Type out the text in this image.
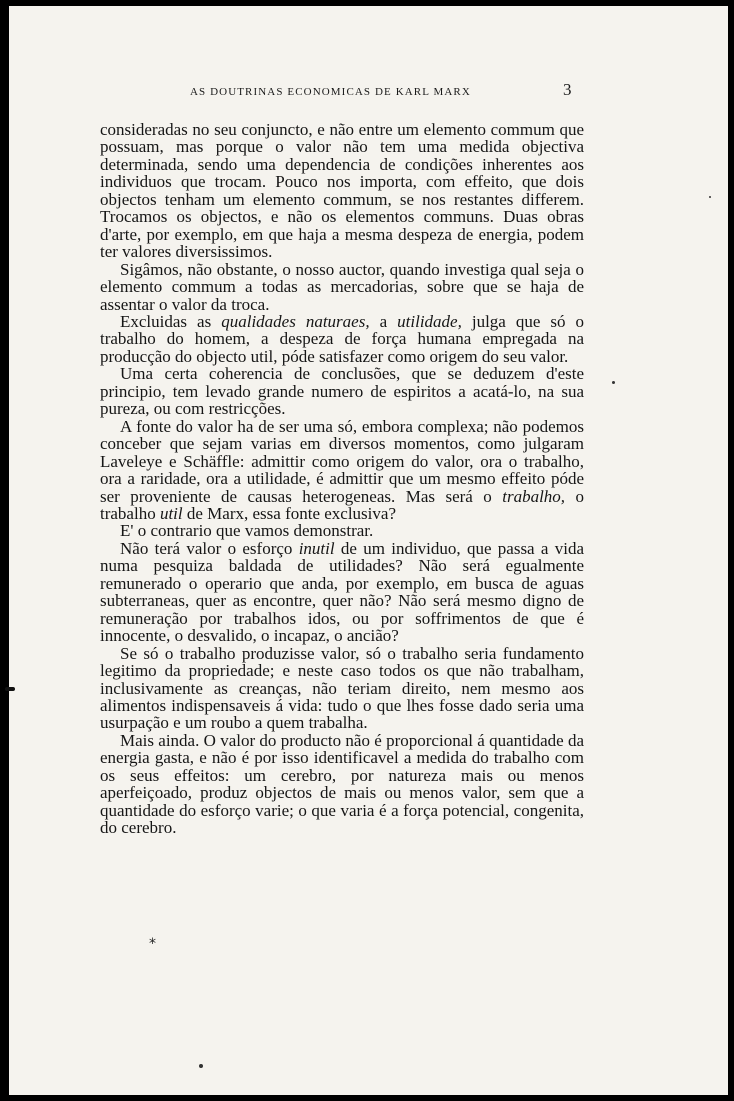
AS DOUTRINAS ECONOMICAS DE KARL MARX	3

consideradas no seu conjuncto, e não entre um elemento commum que possuam, mas porque o valor não tem uma medida objectiva determinada, sendo uma dependencia de condições inherentes aos individuos que trocam. Pouco nos importa, com effeito, que dois objectos tenham um elemento commum, se nos restantes differem. Trocamos os objectos, e não os elementos communs. Duas obras d'arte, por exemplo, em que haja a mesma despeza de energia, podem ter valores diversissimos.

Sigâmos, não obstante, o nosso auctor, quando investiga qual seja o elemento commum a todas as mercadorias, sobre que se haja de assentar o valor da troca.

Excluidas as qualidades naturaes, a utilidade, julga que só o trabalho do homem, a despeza de força humana empregada na producção do objecto util, póde satisfazer como origem do seu valor.

Uma certa coherencia de conclusões, que se deduzem d'este principio, tem levado grande numero de espiritos a acatá-lo, na sua pureza, ou com restricções.

A fonte do valor ha de ser uma só, embora complexa; não podemos conceber que sejam varias em diversos momentos, como julgaram Laveleye e Schäffle: admittir como origem do valor, ora o trabalho, ora a raridade, ora a utilidade, é admittir que um mesmo effeito póde ser proveniente de causas heterogeneas. Mas será o trabalho, o trabalho util de Marx, essa fonte exclusiva?

E' o contrario que vamos demonstrar.

Não terá valor o esforço inutil de um individuo, que passa a vida numa pesquiza baldada de utilidades? Não será egualmente remunerado o operario que anda, por exemplo, em busca de aguas subterraneas, quer as encontre, quer não? Não será mesmo digno de remuneração por trabalhos idos, ou por soffrimentos de que é innocente, o desvalido, o incapaz, o ancião?

Se só o trabalho produzisse valor, só o trabalho seria fundamento legitimo da propriedade; e neste caso todos os que não trabalham, inclusivamente as creanças, não teriam direito, nem mesmo aos alimentos indispensaveis á vida: tudo o que lhes fosse dado seria uma usurpação e um roubo a quem trabalha.

Mais ainda. O valor do producto não é proporcional á quantidade da energia gasta, e não é por isso identificavel a medida do trabalho com os seus effeitos: um cerebro, por natureza mais ou menos aperfeiçoado, produz objectos de mais ou menos valor, sem que a quantidade do esforço varie; o que varia é a força potencial, congenita, do cerebro.

*
